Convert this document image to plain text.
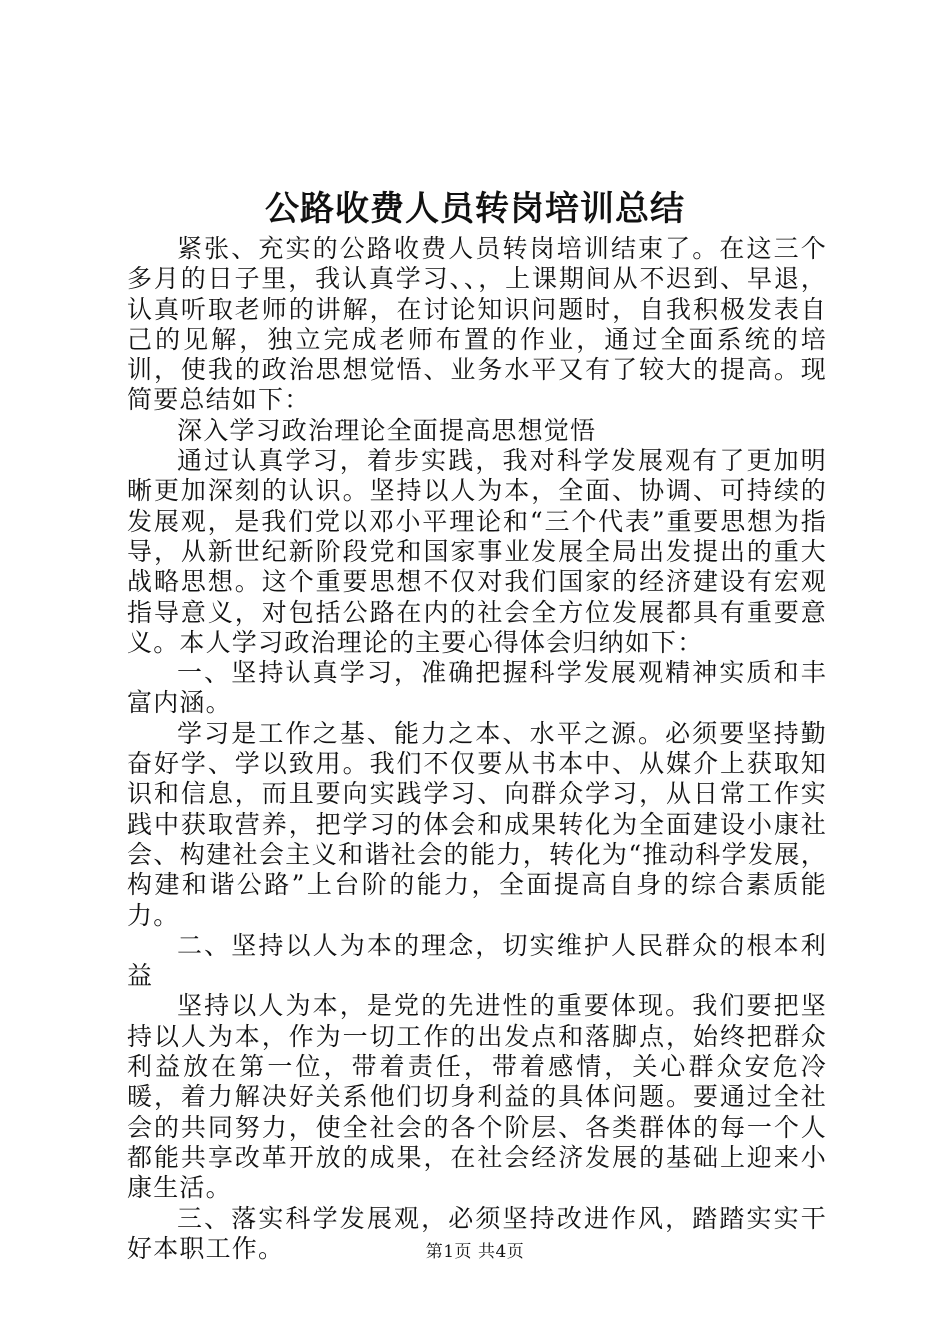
公路收费人员转岗培训总结

紧张、充实的公路收费人员转岗培训结束了。在这三个多月的日子里，我认真学习、、，上课期间从不迟到、早退，认真听取老师的讲解，在讨论知识问题时，自我积极发表自己的见解，独立完成老师布置的作业，通过全面系统的培训，使我的政治思想觉悟、业务水平又有了较大的提高。现简要总结如下：

深入学习政治理论全面提高思想觉悟

通过认真学习，着步实践，我对科学发展观有了更加明晰更加深刻的认识。坚持以人为本，全面、协调、可持续的发展观，是我们党以邓小平理论和“三个代表”重要思想为指导，从新世纪新阶段党和国家事业发展全局出发提出的重大战略思想。这个重要思想不仅对我们国家的经济建设有宏观指导意义，对包括公路在内的社会全方位发展都具有重要意义。本人学习政治理论的主要心得体会归纳如下：

一、坚持认真学习，准确把握科学发展观精神实质和丰富内涵。

学习是工作之基、能力之本、水平之源。必须要坚持勤奋好学、学以致用。我们不仅要从书本中、从媒介上获取知识和信息，而且要向实践学习、向群众学习，从日常工作实践中获取营养，把学习的体会和成果转化为全面建设小康社会、构建社会主义和谐社会的能力，转化为“推动科学发展，构建和谐公路”上台阶的能力，全面提高自身的综合素质能力。

二、坚持以人为本的理念，切实维护人民群众的根本利益

坚持以人为本，是党的先进性的重要体现。我们要把坚持以人为本，作为一切工作的出发点和落脚点，始终把群众利益放在第一位，带着责任，带着感情，关心群众安危冷暖，着力解决好关系他们切身利益的具体问题。要通过全社会的共同努力，使全社会的各个阶层、各类群体的每一个人都能共享改革开放的成果，在社会经济发展的基础上迎来小康生活。

三、落实科学发展观，必须坚持改进作风，踏踏实实干好本职工作。	第1页 共4页
